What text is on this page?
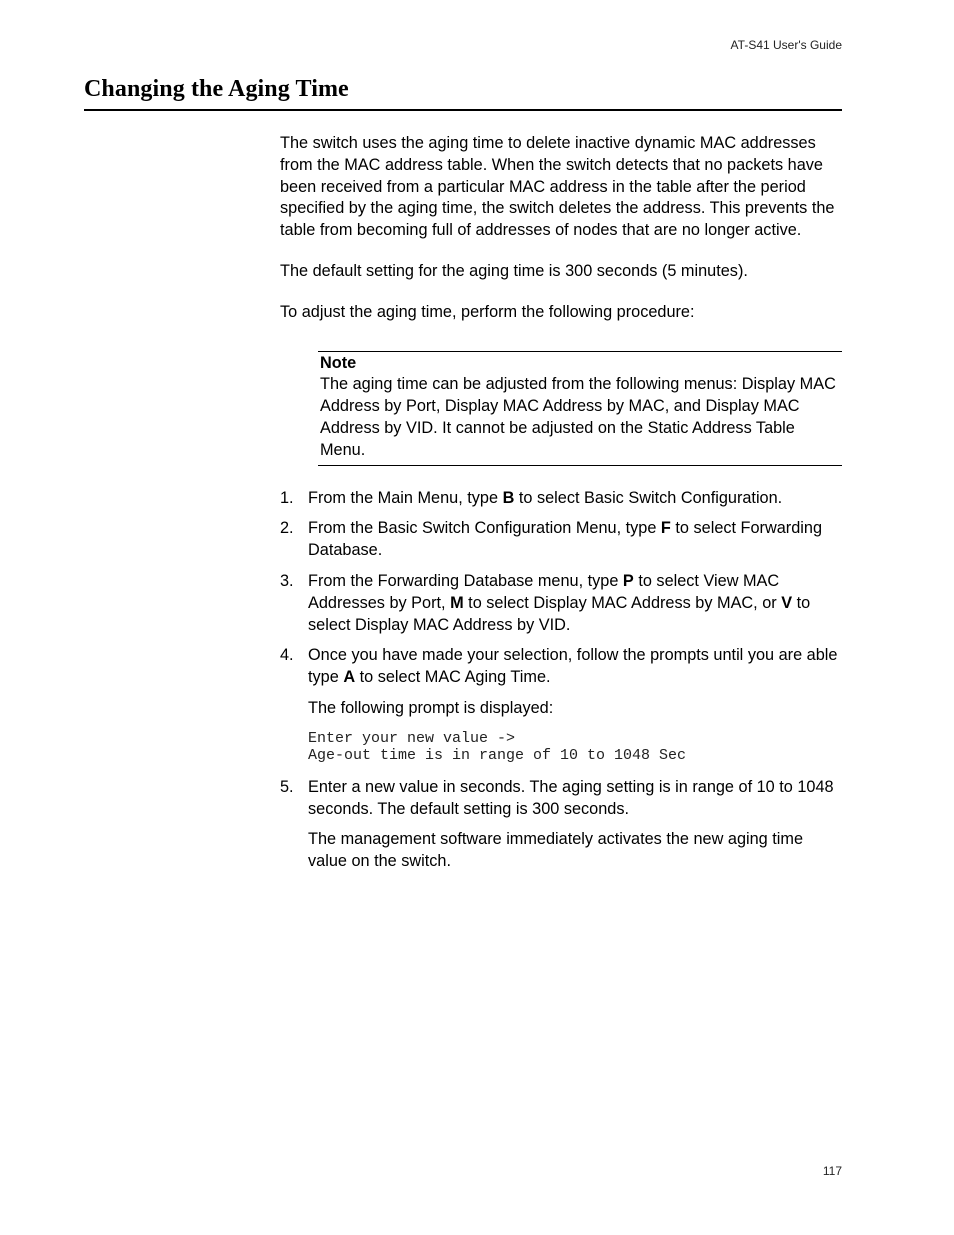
AT-S41 User's Guide
Changing the Aging Time

The switch uses the aging time to delete inactive dynamic MAC addresses from the MAC address table. When the switch detects that no packets have been received from a particular MAC address in the table after the period specified by the aging time, the switch deletes the address. This prevents the table from becoming full of addresses of nodes that are no longer active.

The default setting for the aging time is 300 seconds (5 minutes).

To adjust the aging time, perform the following procedure:

Note
The aging time can be adjusted from the following menus: Display MAC Address by Port, Display MAC Address by MAC, and Display MAC Address by VID. It cannot be adjusted on the Static Address Table Menu.
1. From the Main Menu, type B to select Basic Switch Configuration.
2. From the Basic Switch Configuration Menu, type F to select Forwarding Database.
3. From the Forwarding Database menu, type P to select View MAC Addresses by Port, M to select Display MAC Address by MAC, or V to select Display MAC Address by VID.
4. Once you have made your selection, follow the prompts until you are able type A to select MAC Aging Time.

The following prompt is displayed:

Enter your new value ->
Age-out time is in range of 10 to 1048 Sec
5. Enter a new value in seconds. The aging setting is in range of 10 to 1048 seconds. The default setting is 300 seconds.

The management software immediately activates the new aging time value on the switch.

117
